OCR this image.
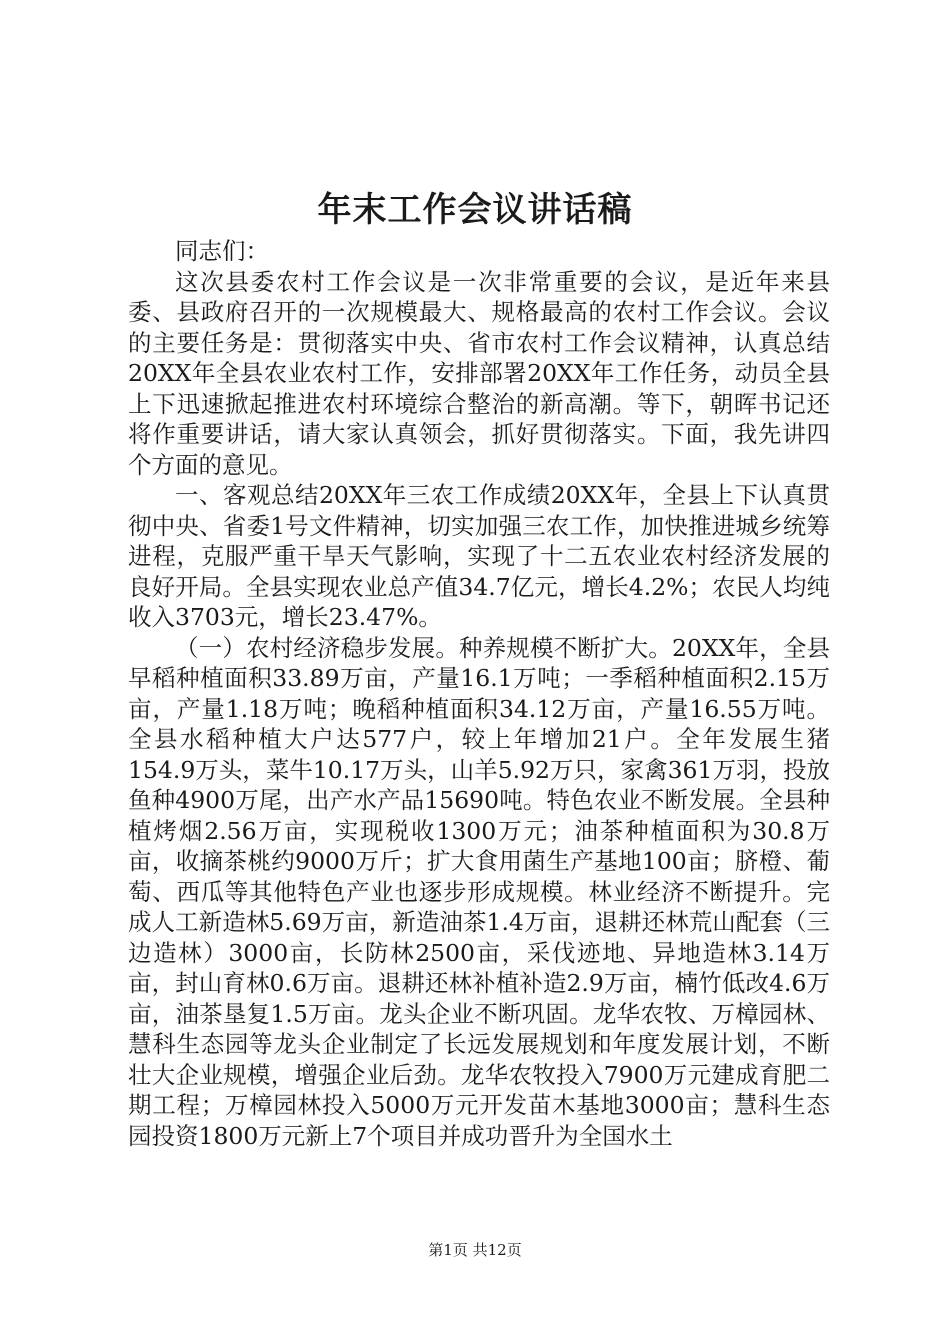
年末工作会议讲话稿

同志们：

这次县委农村工作会议是一次非常重要的会议，是近年来县委、县政府召开的一次规模最大、规格最高的农村工作会议。会议的主要任务是：贯彻落实中央、省市农村工作会议精神，认真总结20XX年全县农业农村工作，安排部署20XX年工作任务，动员全县上下迅速掀起推进农村环境综合整治的新高潮。等下，朝晖书记还将作重要讲话，请大家认真领会，抓好贯彻落实。下面，我先讲四个方面的意见。

一、客观总结20XX年三农工作成绩20XX年，全县上下认真贯彻中央、省委1号文件精神，切实加强三农工作，加快推进城乡统筹进程，克服严重干旱天气影响，实现了十二五农业农村经济发展的良好开局。全县实现农业总产值34.7亿元，增长4.2%；农民人均纯收入3703元，增长23.47%。

（一）农村经济稳步发展。种养规模不断扩大。20XX年，全县早稻种植面积33.89万亩，产量16.1万吨；一季稻种植面积2.15万亩，产量1.18万吨；晚稻种植面积34.12万亩，产量16.55万吨。全县水稻种植大户达577户，较上年增加21户。全年发展生猪154.9万头，菜牛10.17万头，山羊5.92万只，家禽361万羽，投放鱼种4900万尾，出产水产品15690吨。特色农业不断发展。全县种植烤烟2.56万亩，实现税收1300万元；油茶种植面积为30.8万亩，收摘茶桃约9000万斤；扩大食用菌生产基地100亩；脐橙、葡萄、西瓜等其他特色产业也逐步形成规模。林业经济不断提升。完成人工新造林5.69万亩，新造油茶1.4万亩，退耕还林荒山配套（三边造林）3000亩，长防林2500亩，采伐迹地、异地造林3.14万亩，封山育林0.6万亩。退耕还林补植补造2.9万亩，楠竹低改4.6万亩，油茶垦复1.5万亩。龙头企业不断巩固。龙华农牧、万樟园林、慧科生态园等龙头企业制定了长远发展规划和年度发展计划，不断壮大企业规模，增强企业后劲。龙华农牧投入7900万元建成育肥二期工程；万樟园林投入5000万元开发苗木基地3000亩；慧科生态园投资1800万元新上7个项目并成功晋升为全国水土

第1页 共12页
